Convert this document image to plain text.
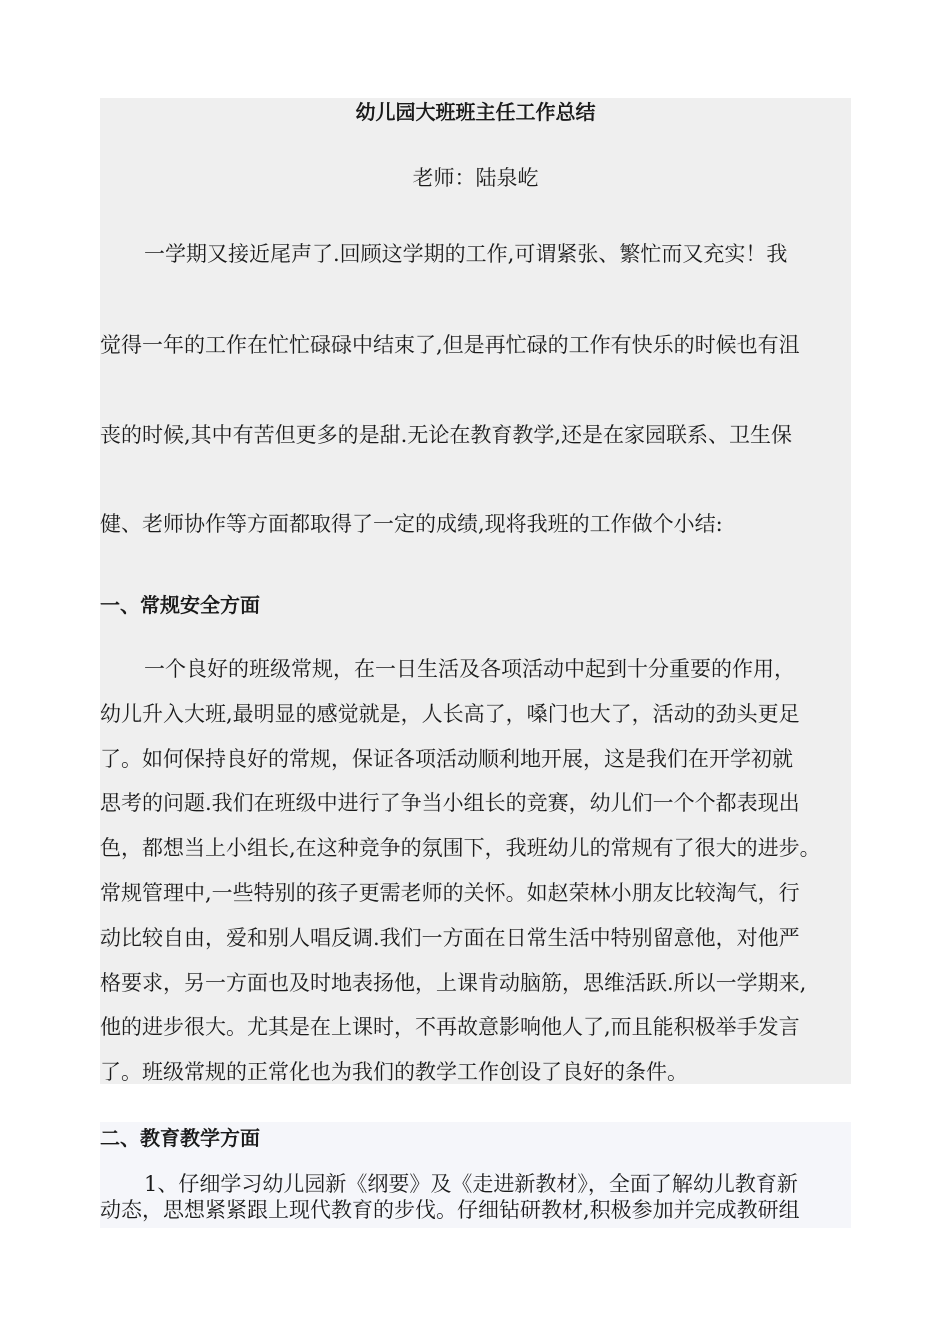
幼儿园大班班主任工作总结
老师：陆泉屹
一学期又接近尾声了.回顾这学期的工作,可谓紧张、繁忙而又充实！我
觉得一年的工作在忙忙碌碌中结束了,但是再忙碌的工作有快乐的时候也有沮
丧的时候,其中有苦但更多的是甜.无论在教育教学,还是在家园联系、卫生保
健、老师协作等方面都取得了一定的成绩,现将我班的工作做个小结:
一、常规安全方面
一个良好的班级常规，在一日生活及各项活动中起到十分重要的作用，
幼儿升入大班,最明显的感觉就是，人长高了，嗓门也大了，活动的劲头更足
了。如何保持良好的常规，保证各项活动顺利地开展，这是我们在开学初就
思考的问题.我们在班级中进行了争当小组长的竞赛，幼儿们一个个都表现出
色，都想当上小组长,在这种竞争的氛围下，我班幼儿的常规有了很大的进步。
常规管理中,一些特别的孩子更需老师的关怀。如赵荣林小朋友比较淘气，行
动比较自由，爱和别人唱反调.我们一方面在日常生活中特别留意他，对他严
格要求，另一方面也及时地表扬他，上课肯动脑筋，思维活跃.所以一学期来,
他的进步很大。尤其是在上课时，不再故意影响他人了,而且能积极举手发言
了。班级常规的正常化也为我们的教学工作创设了良好的条件。
二、教育教学方面
1、仔细学习幼儿园新《纲要》及《走进新教材》，全面了解幼儿教育新
动态，思想紧紧跟上现代教育的步伐。仔细钻研教材,积极参加并完成教研组
